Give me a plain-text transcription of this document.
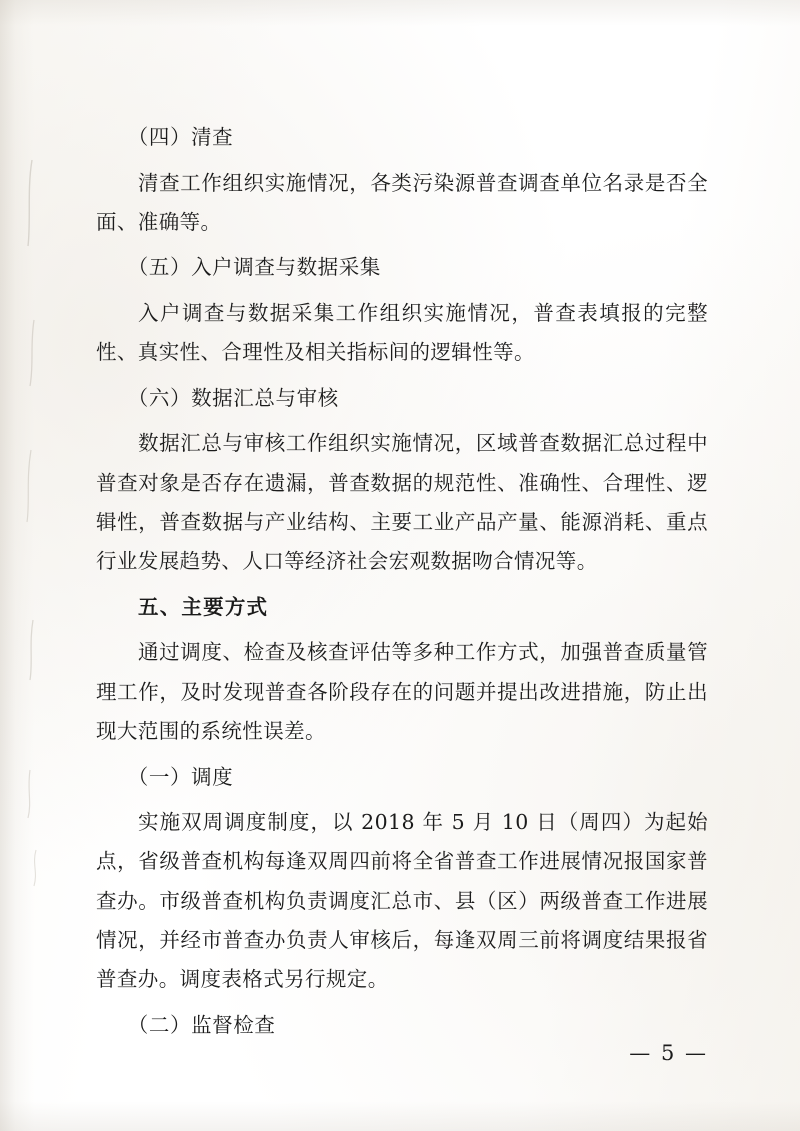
（四）清查

清查工作组织实施情况，各类污染源普查调查单位名录是否全面、准确等。

（五）入户调查与数据采集

入户调查与数据采集工作组织实施情况，普查表填报的完整性、真实性、合理性及相关指标间的逻辑性等。

（六）数据汇总与审核

数据汇总与审核工作组织实施情况，区域普查数据汇总过程中普查对象是否存在遗漏，普查数据的规范性、准确性、合理性、逻辑性，普查数据与产业结构、主要工业产品产量、能源消耗、重点行业发展趋势、人口等经济社会宏观数据吻合情况等。

五、主要方式

通过调度、检查及核查评估等多种工作方式，加强普查质量管理工作，及时发现普查各阶段存在的问题并提出改进措施，防止出现大范围的系统性误差。

（一）调度

实施双周调度制度，以 2018 年 5 月 10 日（周四）为起始点，省级普查机构每逢双周四前将全省普查工作进展情况报国家普查办。市级普查机构负责调度汇总市、县（区）两级普查工作进展情况，并经市普查办负责人审核后，每逢双周三前将调度结果报省普查办。调度表格式另行规定。

（二）监督检查

— 5 —
